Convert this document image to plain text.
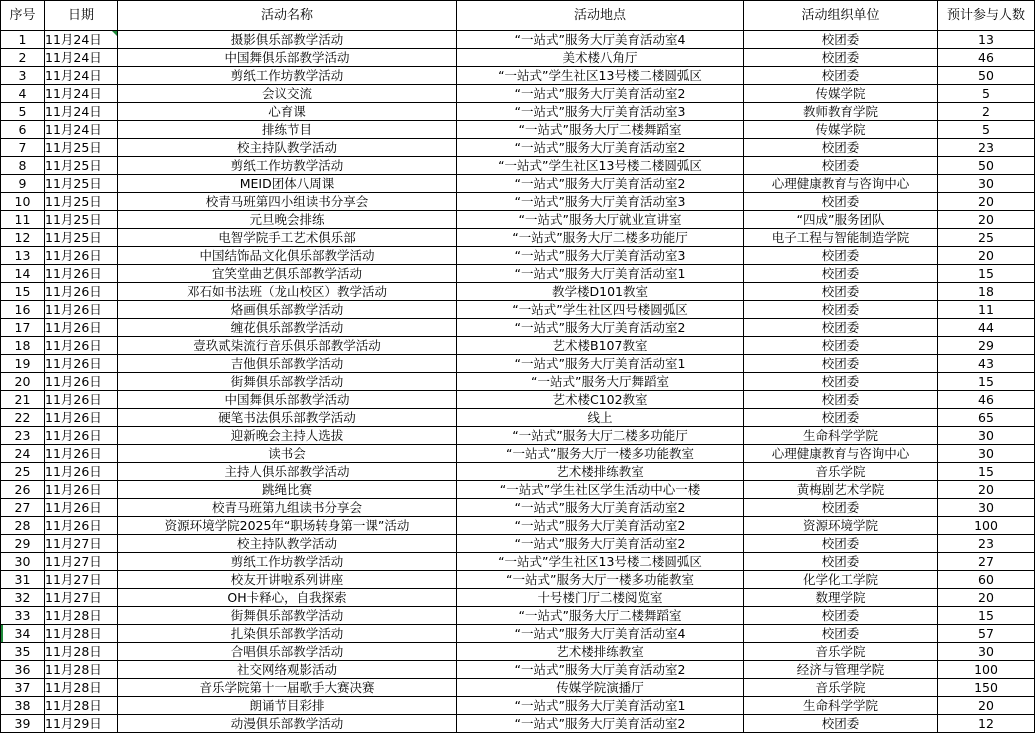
序号	日期	活动名称	活动地点	活动组织单位	预计参与人数
1	11月24日	摄影俱乐部教学活动	“一站式”服务大厅美育活动室4	校团委	13
2	11月24日	中国舞俱乐部教学活动	美术楼八角厅	校团委	46
3	11月24日	剪纸工作坊教学活动	“一站式”学生社区13号楼二楼圆弧区	校团委	50
4	11月24日	会议交流	“一站式”服务大厅美育活动室2	传媒学院	5
5	11月24日	心育课	“一站式”服务大厅美育活动室3	教师教育学院	2
6	11月24日	排练节目	“一站式”服务大厅二楼舞蹈室	传媒学院	5
7	11月25日	校主持队教学活动	“一站式”服务大厅美育活动室2	校团委	23
8	11月25日	剪纸工作坊教学活动	“一站式”学生社区13号楼二楼圆弧区	校团委	50
9	11月25日	MEID团体八周课	“一站式”服务大厅美育活动室2	心理健康教育与咨询中心	30
10	11月25日	校青马班第四小组读书分享会	“一站式”服务大厅美育活动室3	校团委	20
11	11月25日	元旦晚会排练	“一站式”服务大厅就业宣讲室	“四成”服务团队	20
12	11月25日	电智学院手工艺术俱乐部	“一站式”服务大厅二楼多功能厅	电子工程与智能制造学院	25
13	11月26日	中国结饰品文化俱乐部教学活动	“一站式”服务大厅美育活动室3	校团委	20
14	11月26日	宜笑堂曲艺俱乐部教学活动	“一站式”服务大厅美育活动室1	校团委	15
15	11月26日	邓石如书法班（龙山校区）教学活动	教学楼D101教室	校团委	18
16	11月26日	烙画俱乐部教学活动	“一站式”学生社区四号楼圆弧区	校团委	11
17	11月26日	缠花俱乐部教学活动	“一站式”服务大厅美育活动室2	校团委	44
18	11月26日	壹玖贰柒流行音乐俱乐部教学活动	艺术楼B107教室	校团委	29
19	11月26日	吉他俱乐部教学活动	“一站式”服务大厅美育活动室1	校团委	43
20	11月26日	街舞俱乐部教学活动	“一站式”服务大厅舞蹈室	校团委	15
21	11月26日	中国舞俱乐部教学活动	艺术楼C102教室	校团委	46
22	11月26日	硬笔书法俱乐部教学活动	线上	校团委	65
23	11月26日	迎新晚会主持人选拔	“一站式”服务大厅二楼多功能厅	生命科学学院	30
24	11月26日	读书会	“一站式”服务大厅一楼多功能教室	心理健康教育与咨询中心	30
25	11月26日	主持人俱乐部教学活动	艺术楼排练教室	音乐学院	15
26	11月26日	跳绳比赛	“一站式”学生社区学生活动中心一楼	黄梅剧艺术学院	20
27	11月26日	校青马班第九组读书分享会	“一站式”服务大厅美育活动室2	校团委	30
28	11月26日	资源环境学院2025年“职场转身第一课”活动	“一站式”服务大厅美育活动室2	资源环境学院	100
29	11月27日	校主持队教学活动	“一站式”服务大厅美育活动室2	校团委	23
30	11月27日	剪纸工作坊教学活动	“一站式”学生社区13号楼二楼圆弧区	校团委	27
31	11月27日	校友开讲啦系列讲座	“一站式”服务大厅一楼多功能教室	化学化工学院	60
32	11月27日	OH卡释心，自我探索	十号楼门厅二楼阅览室	数理学院	20
33	11月28日	街舞俱乐部教学活动	“一站式”服务大厅二楼舞蹈室	校团委	15
34	11月28日	扎染俱乐部教学活动	“一站式”服务大厅美育活动室4	校团委	57
35	11月28日	合唱俱乐部教学活动	艺术楼排练教室	音乐学院	30
36	11月28日	社交网络观影活动	“一站式”服务大厅美育活动室2	经济与管理学院	100
37	11月28日	音乐学院第十一届歌手大赛决赛	传媒学院演播厅	音乐学院	150
38	11月28日	朗诵节目彩排	“一站式”服务大厅美育活动室1	生命科学学院	20
39	11月29日	动漫俱乐部教学活动	“一站式”服务大厅美育活动室2	校团委	12
